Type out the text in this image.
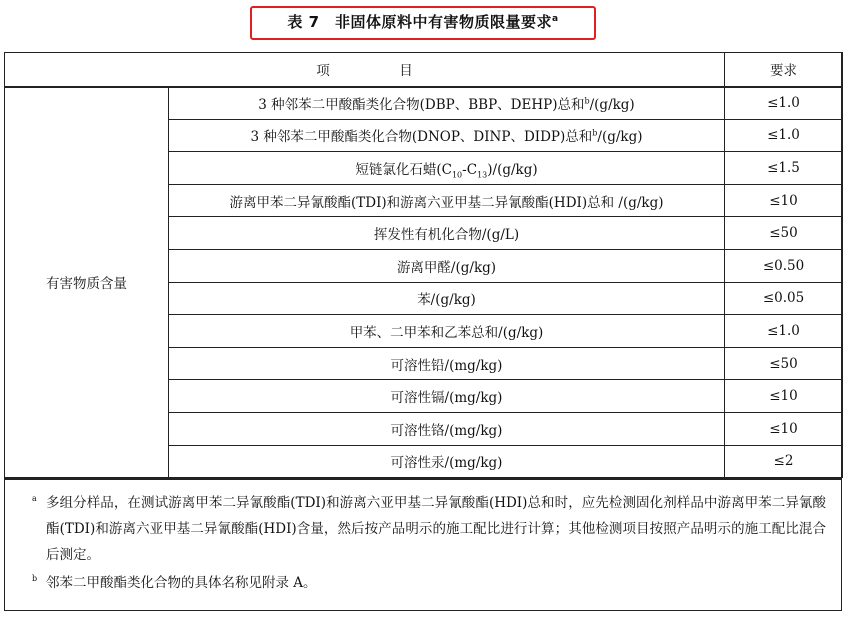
表 7　非固体原料中有害物质限量要求$^a$
项　目		要求
有害物质含量	3 种邻苯二甲酸酯类化合物(DBP、BBP、DEHP)总和$^b$/(g/kg)	≤1.0
	3 种邻苯二甲酸酯类化合物(DNOP、DINP、DIDP)总和$^b$/(g/kg)	≤1.0
	短链氯化石蜡$(C_{10}-C_{13})/(g/kg)$	≤1.5
	游离甲苯二异氰酸酯(TDI)和游离六亚甲基二异氰酸酯(HDI)总和 /(g/kg)	≤10
	挥发性有机化合物/(g/L)	≤50
	游离甲醛/(g/kg)	≤0.50
	苯/(g/kg)	≤0.05
	甲苯、二甲苯和乙苯总和/(g/kg)	≤1.0
	可溶性铅/(mg/kg)	≤50
	可溶性镉/(mg/kg)	≤10
	可溶性铬/(mg/kg)	≤10
	可溶性汞/(mg/kg)	≤2
a 多组分样品，在测试游离甲苯二异氰酸酯(TDI)和游离六亚甲基二异氰酸酯(HDI)总和时，应先检测固化剂样品中游离甲苯二异氰酸酯(TDI)和游离六亚甲基二异氰酸酯(HDI)含量，然后按产品明示的施工配比进行计算；其他检测项目按照产品明示的施工配比混合后测定。
b 邻苯二甲酸酯类化合物的具体名称见附录 A。
